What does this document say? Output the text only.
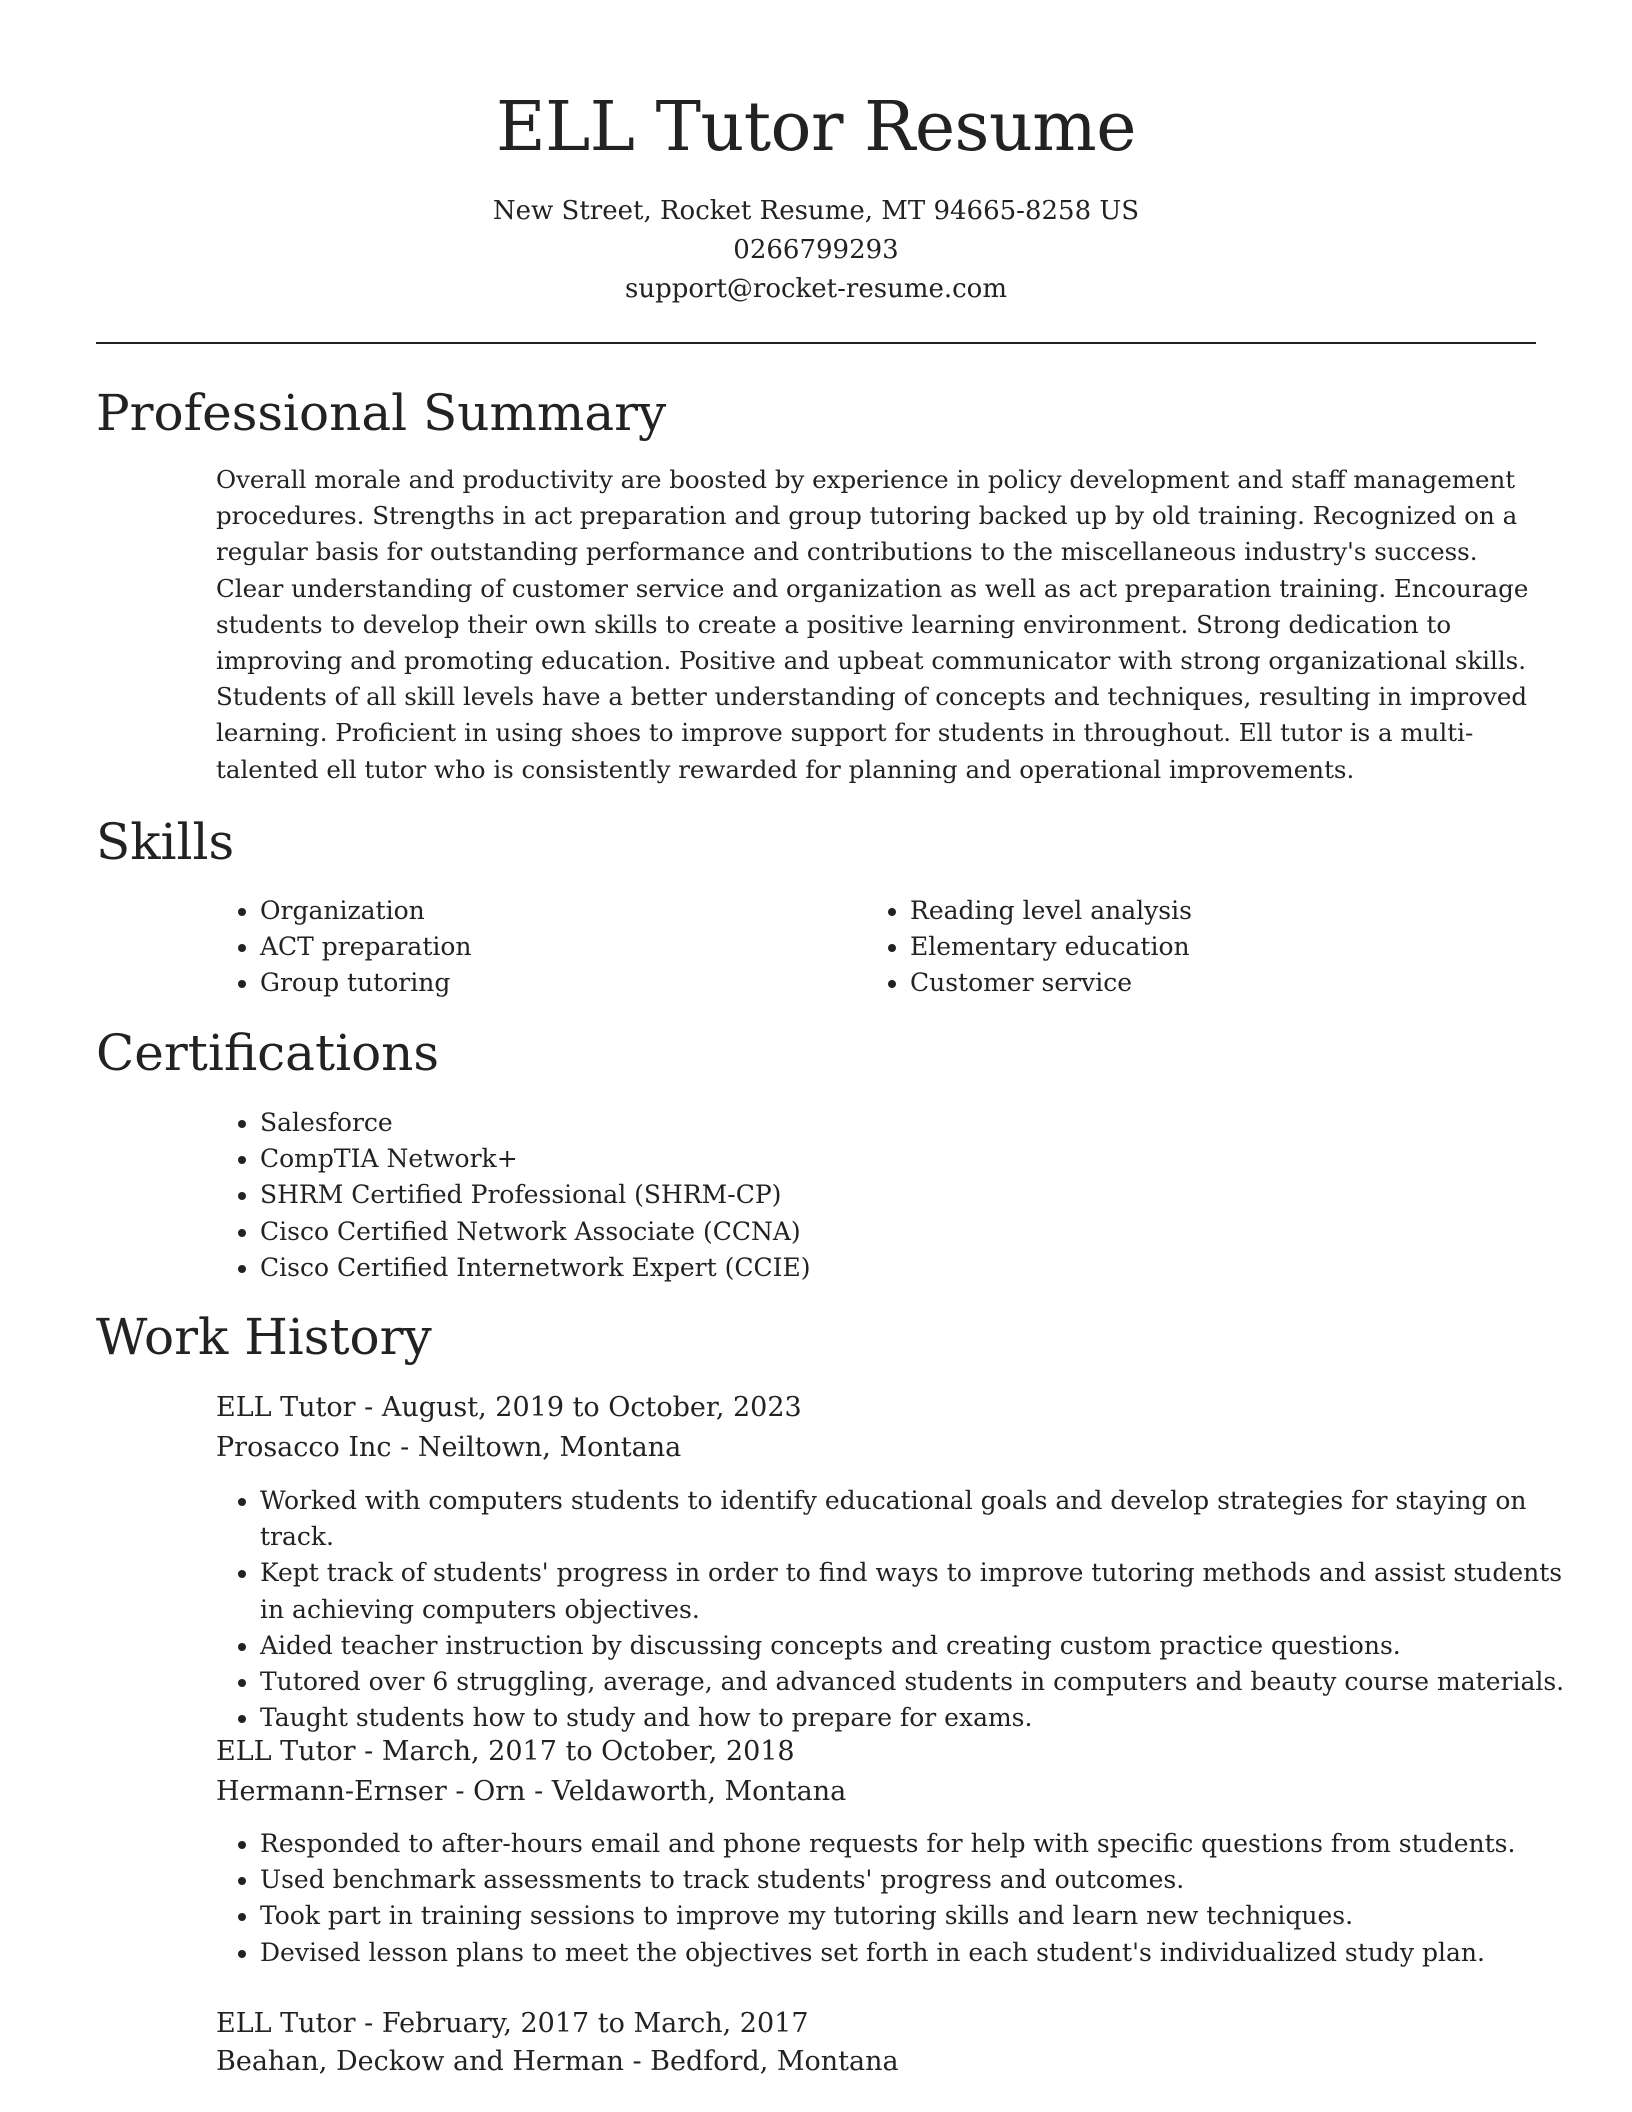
ELL Tutor Resume

New Street, Rocket Resume, MT 94665-8258 US

0266799293

support@rocket-resume.com

Professional Summary

Overall morale and productivity are boosted by experience in policy development and staff management procedures. Strengths in act preparation and group tutoring backed up by old training. Recognized on a regular basis for outstanding performance and contributions to the miscellaneous industry's success. Clear understanding of customer service and organization as well as act preparation training. Encourage students to develop their own skills to create a positive learning environment. Strong dedication to improving and promoting education. Positive and upbeat communicator with strong organizational skills. Students of all skill levels have a better understanding of concepts and techniques, resulting in improved learning. Proficient in using shoes to improve support for students in throughout. Ell tutor is a multi-talented ell tutor who is consistently rewarded for planning and operational improvements.

Skills
• Organization
• ACT preparation
• Group tutoring
• Reading level analysis
• Elementary education
• Customer service
Certifications
• Salesforce
• CompTIA Network+
• SHRM Certified Professional (SHRM-CP)
• Cisco Certified Network Associate (CCNA)
• Cisco Certified Internetwork Expert (CCIE)
Work History

ELL Tutor - August, 2019 to October, 2023

Prosacco Inc - Neiltown, Montana

• Worked with computers students to identify educational goals and develop strategies for staying on track.
• Kept track of students' progress in order to find ways to improve tutoring methods and assist students in achieving computers objectives.
• Aided teacher instruction by discussing concepts and creating custom practice questions.
• Tutored over 6 struggling, average, and advanced students in computers and beauty course materials.
• Taught students how to study and how to prepare for exams.

ELL Tutor - March, 2017 to October, 2018

Hermann-Ernser - Orn - Veldaworth, Montana

• Responded to after-hours email and phone requests for help with specific questions from students.
• Used benchmark assessments to track students' progress and outcomes.
• Took part in training sessions to improve my tutoring skills and learn new techniques.
• Devised lesson plans to meet the objectives set forth in each student's individualized study plan.

ELL Tutor - February, 2017 to March, 2017

Beahan, Deckow and Herman - Bedford, Montana
